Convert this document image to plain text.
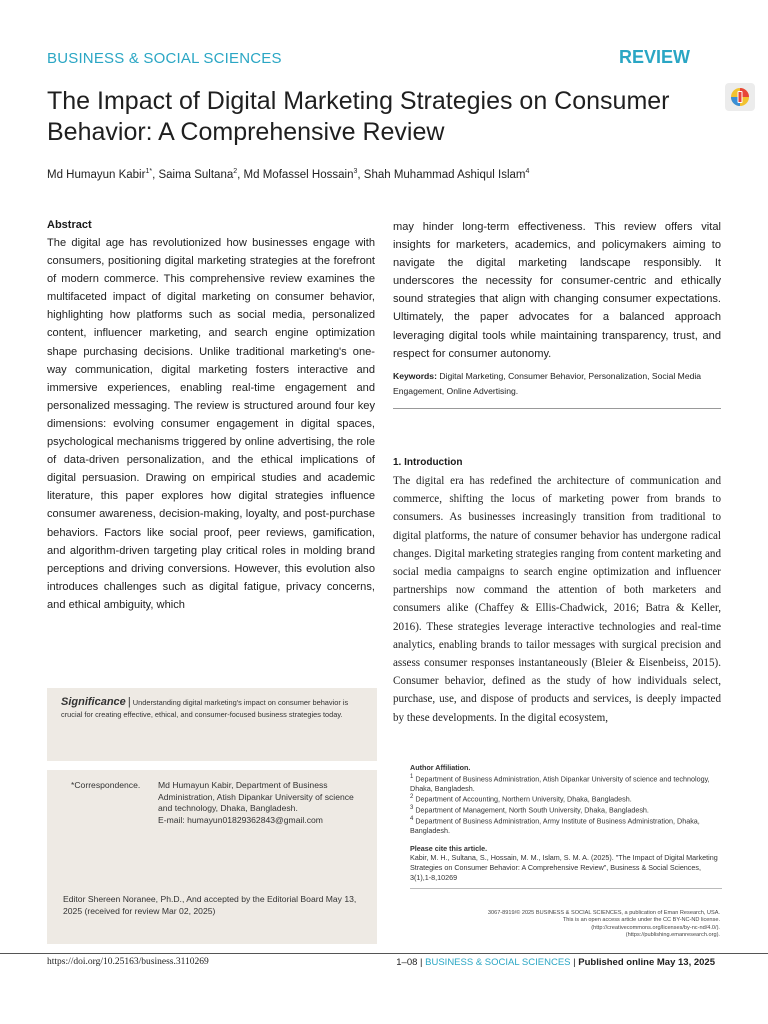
BUSINESS & SOCIAL SCIENCES	REVIEW
The Impact of Digital Marketing Strategies on Consumer Behavior: A Comprehensive Review
Md Humayun Kabir$^{1*}$, Saima Sultana$^2$, Md Mofassel Hossain$^3$, Shah Muhammad Ashiqul Islam$^4$
Abstract

The digital age has revolutionized how businesses engage with consumers, positioning digital marketing strategies at the forefront of modern commerce. This comprehensive review examines the multifaceted impact of digital marketing on consumer behavior, highlighting how platforms such as social media, personalized content, influencer marketing, and search engine optimization shape purchasing decisions. Unlike traditional marketing's one-way communication, digital marketing fosters interactive and immersive experiences, enabling real-time engagement and personalized messaging. The review is structured around four key dimensions: evolving consumer engagement in digital spaces, psychological mechanisms triggered by online advertising, the role of data-driven personalization, and the ethical implications of digital persuasion. Drawing on empirical studies and academic literature, this paper explores how digital strategies influence consumer awareness, decision-making, loyalty, and post-purchase behaviors. Factors like social proof, peer reviews, gamification, and algorithm-driven targeting play critical roles in molding brand perceptions and driving conversions. However, this evolution also introduces challenges such as digital fatigue, privacy concerns, and ethical ambiguity, which

may hinder long-term effectiveness. This review offers vital insights for marketers, academics, and policymakers aiming to navigate the digital marketing landscape responsibly. It underscores the necessity for consumer-centric and ethically sound strategies that align with changing consumer expectations. Ultimately, the paper advocates for a balanced approach leveraging digital tools while maintaining transparency, trust, and respect for consumer autonomy.

Keywords: Digital Marketing, Consumer Behavior, Personalization, Social Media Engagement, Online Advertising.
1. Introduction

The digital era has redefined the architecture of communication and commerce, shifting the locus of marketing power from brands to consumers. As businesses increasingly transition from traditional to digital platforms, the nature of consumer behavior has undergone radical changes. Digital marketing strategies ranging from content marketing and social media campaigns to search engine optimization and influencer partnerships now command the attention of both marketers and consumers alike (Chaffey & Ellis-Chadwick, 2016; Batra & Keller, 2016). These strategies leverage interactive technologies and real-time analytics, enabling brands to tailor messages with surgical precision and assess consumer responses instantaneously (Bleier & Eisenbeiss, 2015). Consumer behavior, defined as the study of how individuals select, purchase, use, and dispose of products and services, is deeply impacted by these developments. In the digital ecosystem,

Significance | Understanding digital marketing's impact on consumer behavior is crucial for creating effective, ethical, and consumer-focused business strategies today.
*Correspondence.	Md Humayun Kabir, Department of Business Administration, Atish Dipankar University of science and technology, Dhaka, Bangladesh.
E-mail: humayun01829362843@gmail.com
Editor Shereen Noranee, Ph.D., And accepted by the Editorial Board May 13, 2025 (received for review Mar 02, 2025)
Author Affiliation.
$^1$ Department of Business Administration, Atish Dipankar University of science and technology, Dhaka, Bangladesh.
$^2$ Department of Accounting, Northern University, Dhaka, Bangladesh.
$^3$ Department of Management, North South University, Dhaka, Bangladesh.
$^4$ Department of Business Administration, Army Institute of Business Administration, Dhaka, Bangladesh.
Please cite this article.
Kabir, M. H., Sultana, S., Hossain, M. M., Islam, S. M. A. (2025). "The Impact of Digital Marketing Strategies on Consumer Behavior: A Comprehensive Review", Business & Social Sciences, 3(1),1-8,10269
3067-8919/© 2025 BUSINESS & SOCIAL SCIENCES, a publication of Eman Research, USA.
This is an open access article under the CC BY-NC-ND license.
(http://creativecommons.org/licenses/by-nc-nd/4.0/).
(https://publishing.emanresearch.org).
https://doi.org/10.25163/business.3110269	1–08 | BUSINESS & SOCIAL SCIENCES | Published online May 13, 2025
